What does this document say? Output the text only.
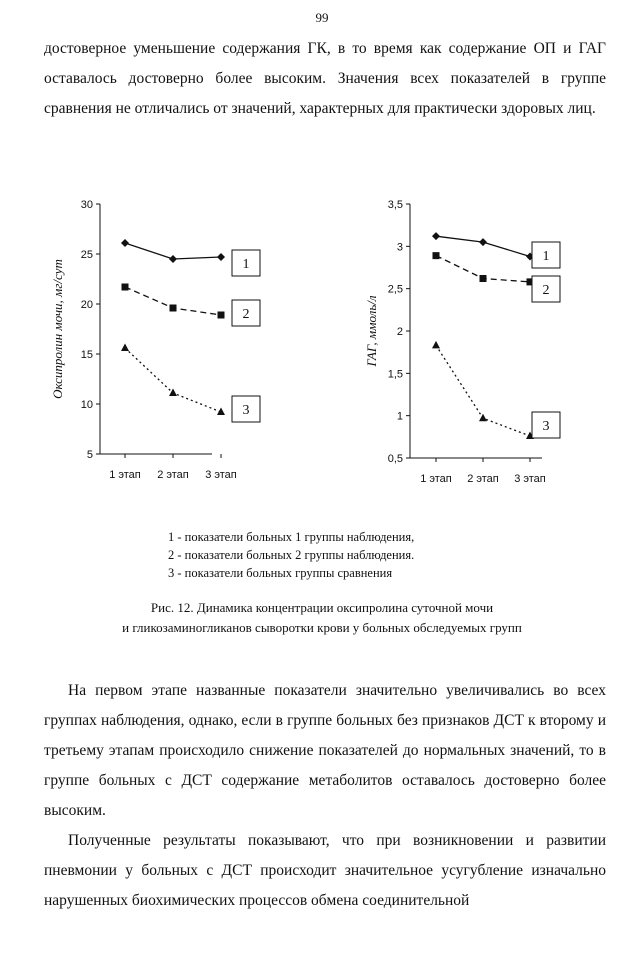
99
достоверное уменьшение содержания ГК, в то время как содержание ОП и ГАГ оставалось достоверно более высоким. Значения всех показателей в группе сравнения не отличались от значений, характерных для практически здоровых лиц.
5
10
15
20
25
30
1 этап 2 этап 3 этап
Оксипролин мочи, мг/сут	1
2
3
0,5
1
1,5
2
2,5
3
3,5
1 этап 2 этап 3 этап
ГАГ, ммоль/л
1
2
3
1 - показатели больных 1 группы наблюдения,
2 - показатели больных 2 группы наблюдения.
3 - показатели больных группы сравнения
Рис. 12. Динамика концентрации оксипролина суточной мочи
и гликозаминогликанов сыворотки крови у больных обследуемых групп
На первом этапе названные показатели значительно увеличивались во всех группах наблюдения, однако, если в группе больных без признаков ДСТ к второму и третьему этапам происходило снижение показателей до нормальных значений, то в группе больных с ДСТ содержание метаболитов оставалось достоверно более высоким.
Полученные результаты показывают, что при возникновении и развитии пневмонии у больных с ДСТ происходит значительное усугубление изначально нарушенных биохимических процессов обмена соединительной
